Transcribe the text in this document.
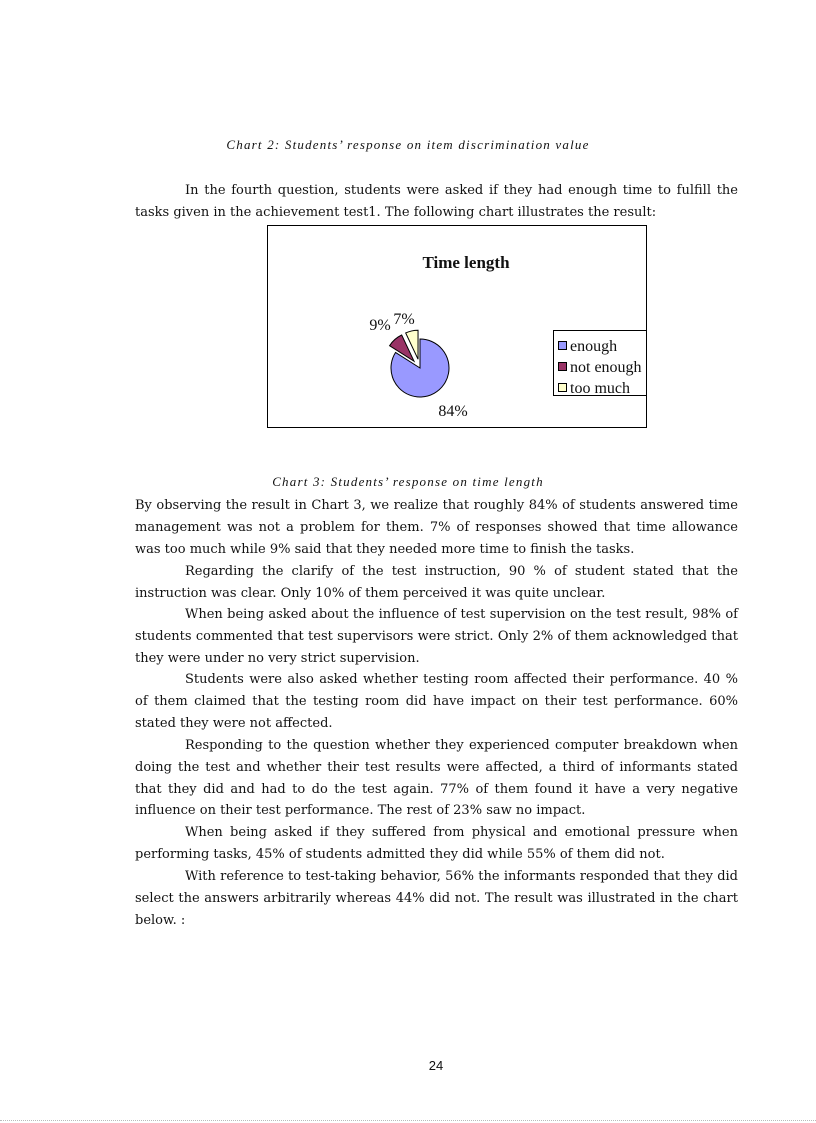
Chart 2: Students’ response on item discrimination value

In the fourth question, students were asked if they had enough time to fulfill the tasks given in the achievement test1. The following chart illustrates the result:

Time length
84%
9% 7%
enough
not enough
too much
Chart 3: Students’ response on time length

By observing the result in Chart 3, we realize that roughly 84% of students answered time management was not a problem for them. 7% of responses showed that time allowance was too much while 9% said that they needed more time to finish the tasks.

Regarding the clarify of the test instruction, 90 % of student stated that the instruction was clear. Only 10% of them perceived it was quite unclear.

When being asked about the influence of test supervision on the test result, 98% of students commented that test supervisors were strict. Only 2% of them acknowledged that they were under no very strict supervision.

Students were also asked whether testing room affected their performance. 40 % of them claimed that the testing room did have impact on their test performance. 60% stated they were not affected.

Responding to the question whether they experienced computer breakdown when doing the test and whether their test results were affected, a third of informants stated that they did and had to do the test again. 77% of them found it have a very negative influence on their test performance. The rest of 23% saw no impact.

When being asked if they suffered from physical and emotional pressure when performing tasks, 45% of students admitted they did while 55% of them did not.

With reference to test-taking behavior, 56% the informants responded that they did select the answers arbitrarily whereas 44% did not. The result was illustrated in the chart below. :

24
